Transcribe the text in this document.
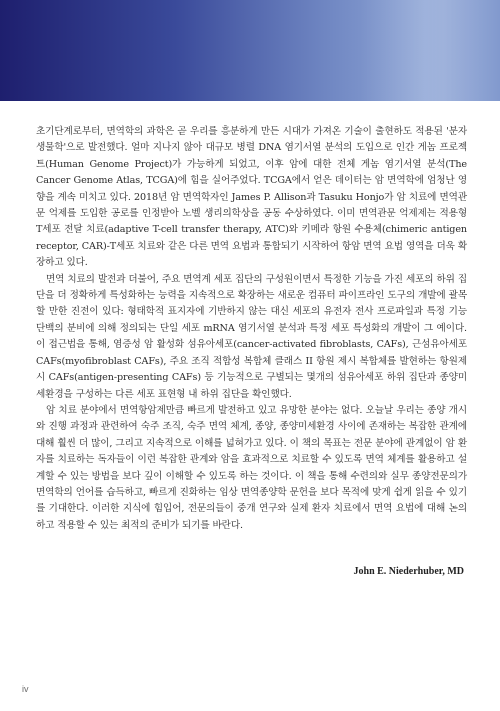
초기단계로부터, 면역학의 과학은 곧 우리를 흥분하게 만든 시대가 가져온 기술이 출현하도 적용된 '분자 생물학'으로 발전했다. 얼마 지나지 않아 대규모 병렬 DNA 염기서열 분석의 도입으로 인간 게놈 프로젝트(Human Genome Project)가 가능하게 되었고, 이후 암에 대한 전체 게놈 염기서열 분석(The Cancer Genome Atlas, TCGA)에 힘을 실어주었다. TCGA에서 얻은 데이터는 암 면역학에 엄청난 영향을 계속 미치고 있다. 2018년 암 면역학자인 James P. Allison과 Tasuku Honjo가 암 치료에 면역관문 억제를 도입한 공로를 인정받아 노벨 생리의학상을 공동 수상하였다. 이미 면역관문 억제제는 적용형 T세포 전달 치료(adaptive T-cell transfer therapy, ATC)와 키메라 항원 수용체(chimeric antigen receptor, CAR)-T세포 치료와 같은 다른 면역 요법과 통합되기 시작하여 항암 면역 요법 영역을 더욱 확장하고 있다.

면역 치료의 발전과 더불어, 주요 면역계 세포 집단의 구성원이면서 특정한 기능을 가진 세포의 하위 집단을 더 정확하게 특성화하는 능력을 지속적으로 확장하는 새로운 컴퓨터 파이프라인 도구의 개발에 괄목할 만한 진전이 있다: 형태학적 표지자에 기반하지 않는 대신 세포의 유전자 전사 프로파일과 특정 기능 단백의 분비에 의해 정의되는 단일 세포 mRNA 염기서열 분석과 특정 세포 특성화의 개발이 그 예이다. 이 접근법을 통해, 염증성 암 활성화 섬유아세포(cancer-activated fibroblasts, CAFs), 근섬유아세포 CAFs(myofibroblast CAFs), 주요 조직 적합성 복합체 클래스 II 항원 제시 복합체를 발현하는 항원제시 CAFs(antigen-presenting CAFs) 등 기능적으로 구별되는 몇개의 섬유아세포 하위 집단과 종양미세환경을 구성하는 다른 세포 표현형 내 하위 집단을 확인했다.

암 치료 분야에서 면역항암제만큼 빠르게 발전하고 있고 유망한 분야는 없다. 오늘날 우리는 종양 개시와 진행 과정과 관련하여 숙주 조직, 숙주 면역 체계, 종양, 종양미세환경 사이에 존재하는 복잡한 관계에 대해 훨씬 더 많이, 그리고 지속적으로 이해를 넓혀가고 있다. 이 책의 목표는 전문 분야에 관계없이 암 환자를 치료하는 독자들이 이런 복잡한 관계와 암을 효과적으로 치료할 수 있도록 면역 체계를 활용하고 설계할 수 있는 방법을 보다 깊이 이해할 수 있도록 하는 것이다. 이 책을 통해 수련의와 실무 종양전문의가 면역학의 언어를 습득하고, 빠르게 진화하는 임상 면역종양학 문헌을 보다 목적에 맞게 쉽게 읽을 수 있기를 기대한다. 이러한 지식에 힘입어, 전문의들이 중개 연구와 실제 환자 치료에서 면역 요법에 대해 논의하고 적용할 수 있는 최적의 준비가 되기를 바란다.

John E. Niederhuber, MD
iv
